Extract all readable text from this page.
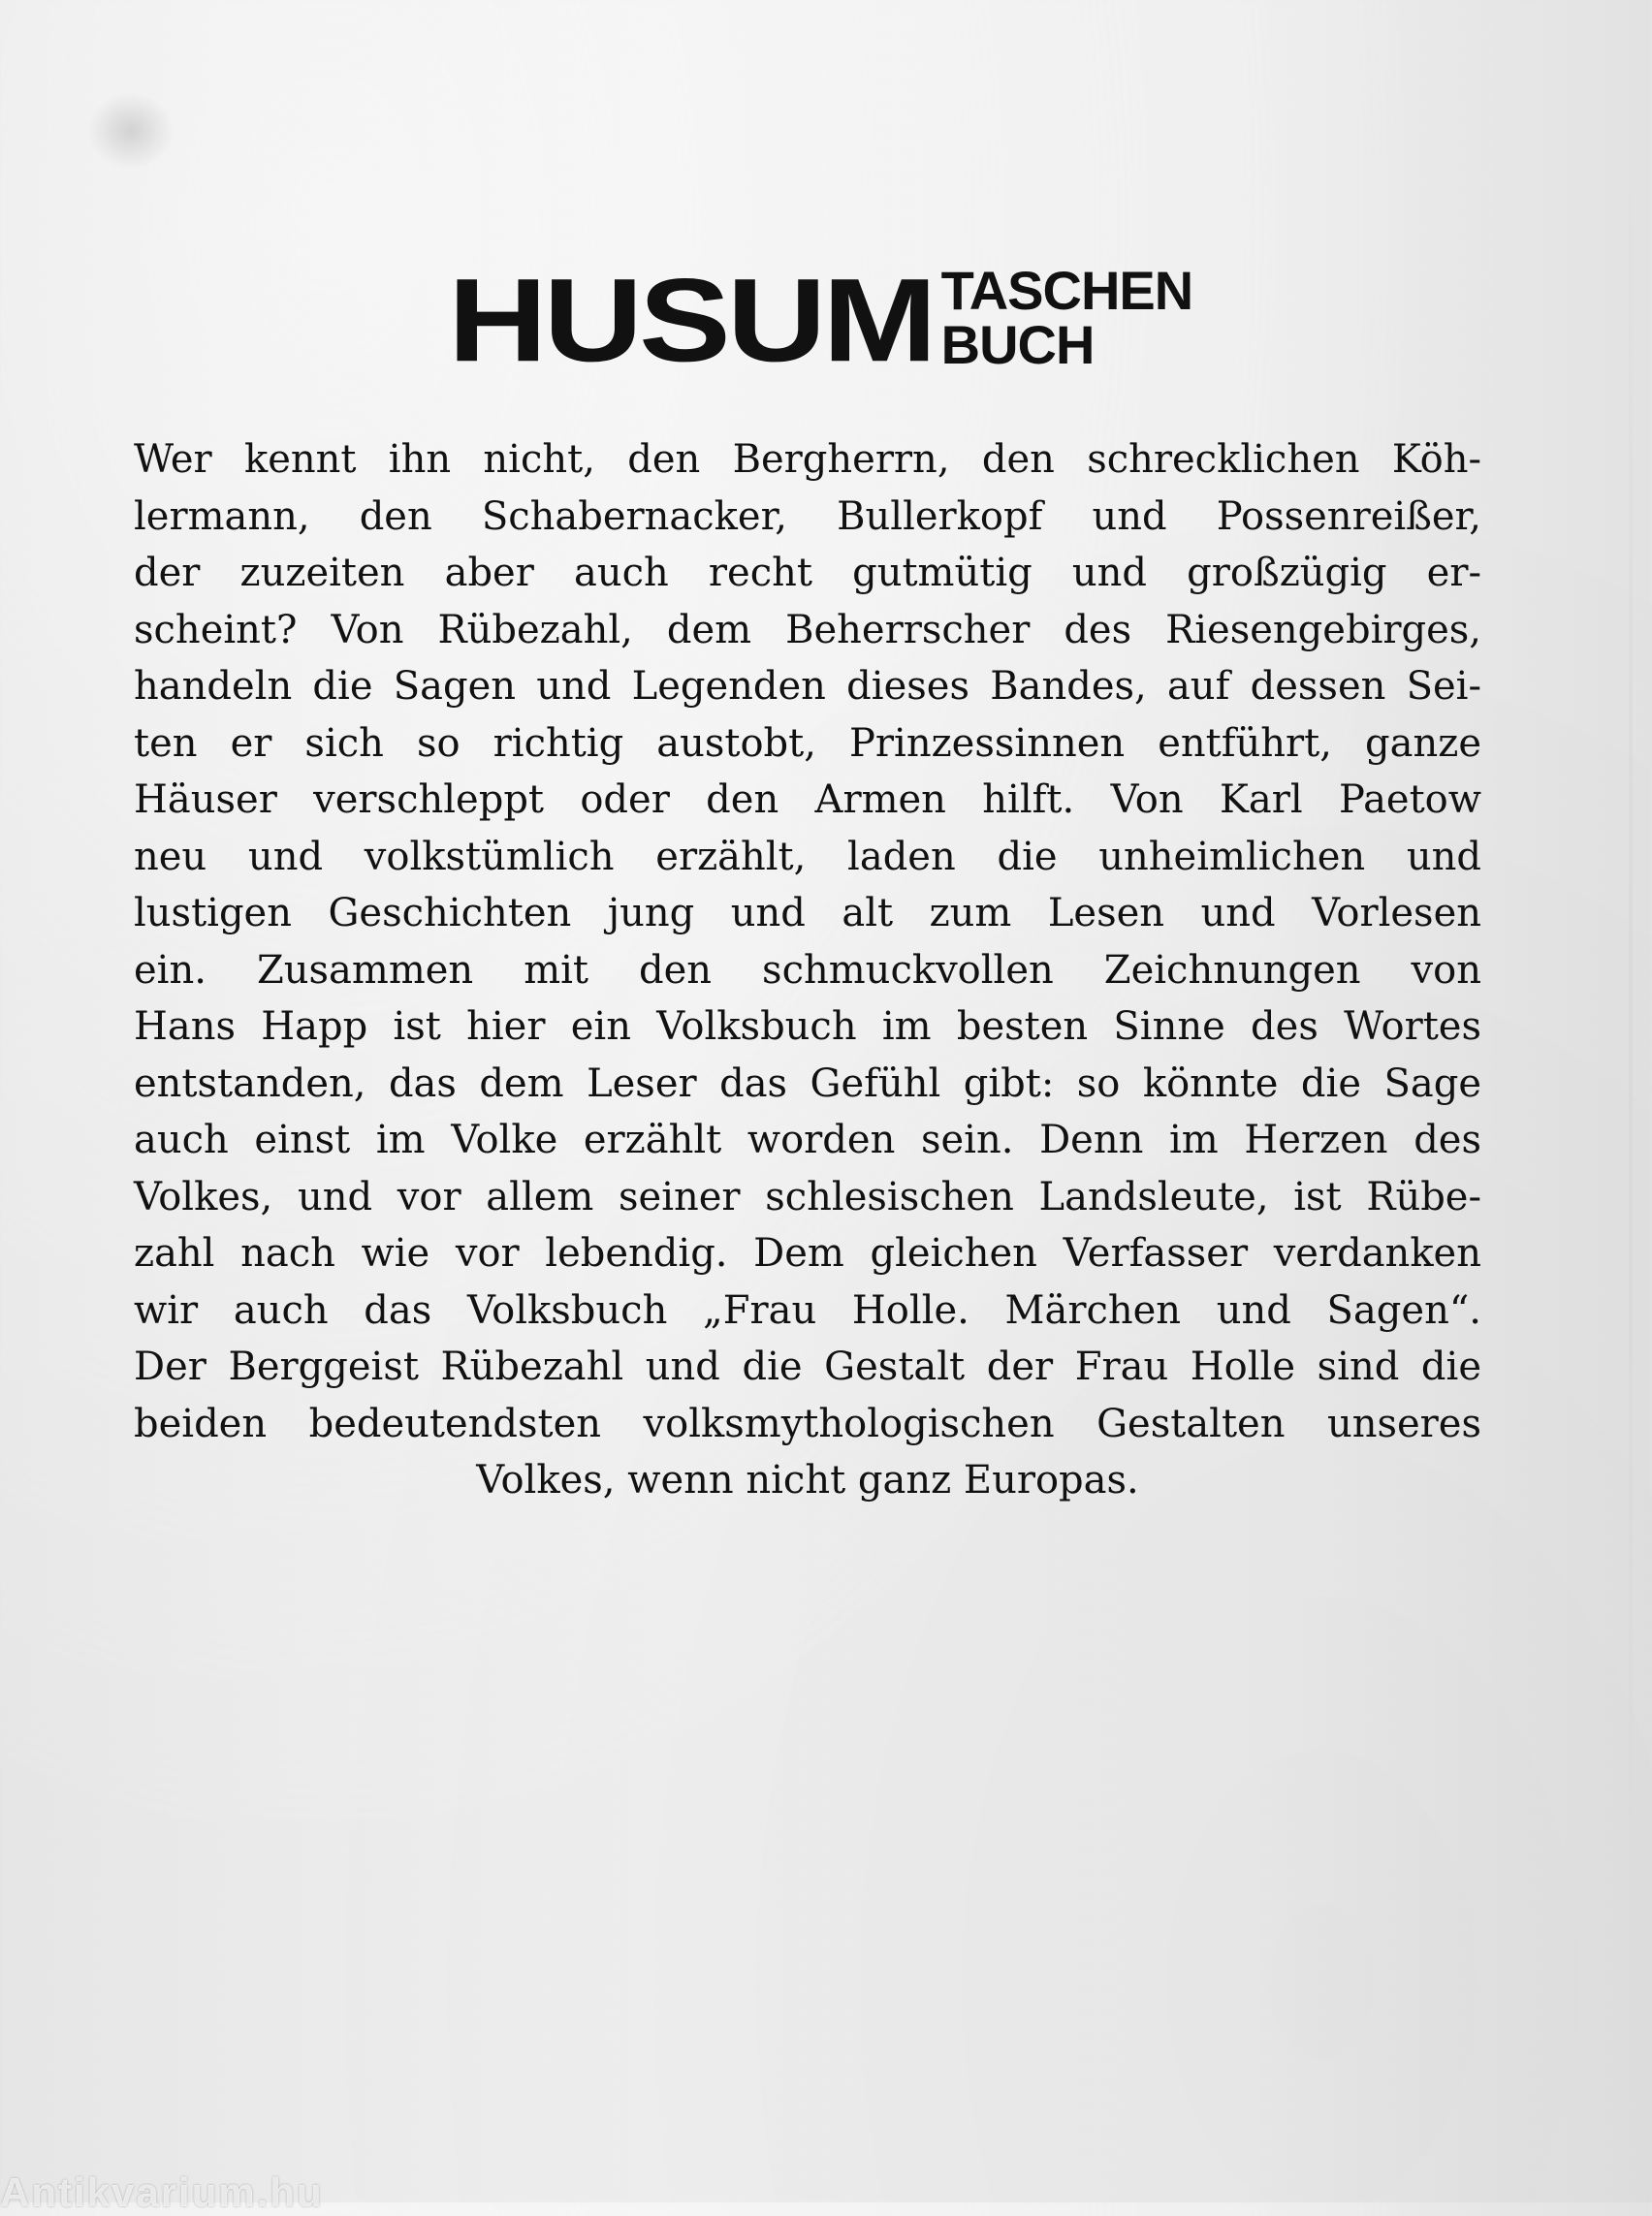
HUSUM TASCHEN
BUCH
Wer kennt ihn nicht, den Bergherrn, den schrecklichen Köh-
lermann, den Schabernacker, Bullerkopf und Possenreißer,
der zuzeiten aber auch recht gutmütig und großzügig er-
scheint? Von Rübezahl, dem Beherrscher des Riesengebirges,
handeln die Sagen und Legenden dieses Bandes, auf dessen Sei-
ten er sich so richtig austobt, Prinzessinnen entführt, ganze
Häuser verschleppt oder den Armen hilft. Von Karl Paetow
neu und volkstümlich erzählt, laden die unheimlichen und
lustigen Geschichten jung und alt zum Lesen und Vorlesen
ein. Zusammen mit den schmuckvollen Zeichnungen von
Hans Happ ist hier ein Volksbuch im besten Sinne des Wortes
entstanden, das dem Leser das Gefühl gibt: so könnte die Sage
auch einst im Volke erzählt worden sein. Denn im Herzen des
Volkes, und vor allem seiner schlesischen Landsleute, ist Rübe-
zahl nach wie vor lebendig. Dem gleichen Verfasser verdanken
wir auch das Volksbuch „Frau Holle. Märchen und Sagen“.
Der Berggeist Rübezahl und die Gestalt der Frau Holle sind die
beiden bedeutendsten volksmythologischen Gestalten unseres
Volkes, wenn nicht ganz Europas.
Antikvarium.hu
